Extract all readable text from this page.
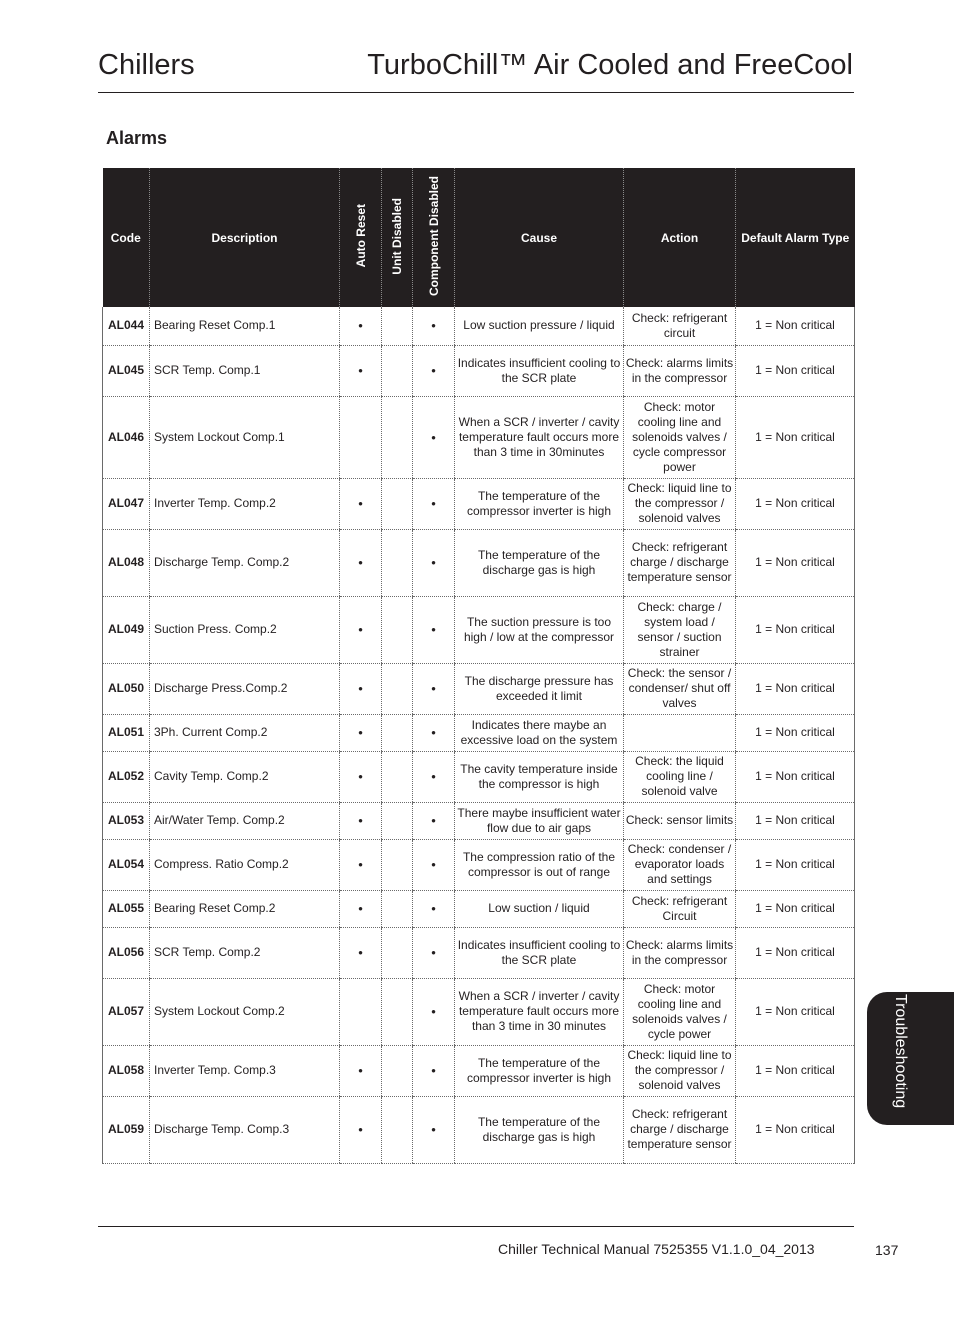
Chillers	TurboChill™ Air Cooled and FreeCool
Alarms
Code	Description	Auto Reset	Unit Disabled	Component Disabled	Cause	Action	Default Alarm Type
AL044	Bearing Reset Comp.1	•		•	Low suction pressure / liquid	Check: refrigerant circuit	1 = Non critical
AL045	SCR Temp. Comp.1	•		•	Indicates insufficient cooling to the SCR plate	Check: alarms limits in the compressor	1 = Non critical
AL046	System Lockout Comp.1			•	When a SCR / inverter / cavity temperature fault occurs more than 3 time in 30minutes	Check: motor cooling line and solenoids valves / cycle compressor power	1 = Non critical
AL047	Inverter Temp. Comp.2	•		•	The temperature of the compressor inverter is high	Check: liquid line to the compressor / solenoid valves	1 = Non critical
AL048	Discharge Temp. Comp.2	•		•	The temperature of the discharge gas is high	Check: refrigerant charge / discharge temperature sensor	1 = Non critical
AL049	Suction Press. Comp.2	•		•	The suction pressure is too high / low at the compressor	Check: charge / system load / sensor / suction strainer	1 = Non critical
AL050	Discharge Press.Comp.2	•		•	The discharge pressure has exceeded it limit	Check: the sensor / condenser/ shut off valves	1 = Non critical
AL051	3Ph. Current Comp.2	•		•	Indicates there maybe an excessive load on the system		1 = Non critical
AL052	Cavity Temp. Comp.2	•		•	The cavity temperature inside the compressor is high	Check: the liquid cooling line / solenoid valve	1 = Non critical
AL053	Air/Water Temp. Comp.2	•		•	There maybe insufficient water flow due to air gaps	Check: sensor limits	1 = Non critical
AL054	Compress. Ratio Comp.2	•		•	The compression ratio of the compressor is out of range	Check: condenser / evaporator loads and settings	1 = Non critical
AL055	Bearing Reset Comp.2	•		•	Low suction / liquid	Check: refrigerant Circuit	1 = Non critical
AL056	SCR Temp. Comp.2	•		•	Indicates insufficient cooling to the SCR plate	Check: alarms limits in the compressor	1 = Non critical
AL057	System Lockout Comp.2			•	When a SCR / inverter / cavity temperature fault occurs more than 3 time in 30 minutes	Check: motor cooling line and solenoids valves / cycle power	1 = Non critical
AL058	Inverter Temp. Comp.3	•		•	The temperature of the compressor inverter is high	Check: liquid line to the compressor / solenoid valves	1 = Non critical
AL059	Discharge Temp. Comp.3	•		•	The temperature of the discharge gas is high	Check: refrigerant charge / discharge temperature sensor	1 = Non critical
Troubleshooting
Chiller Technical Manual 7525355 V1.1.0_04_2013	137
